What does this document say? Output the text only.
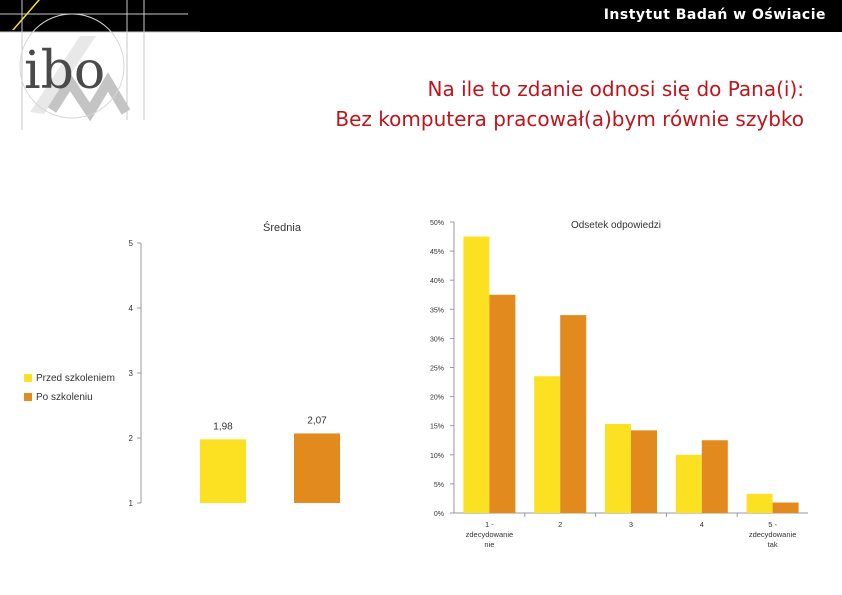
Instytut Badań w Oświacie
ibo	Na ile to zdanie odnosi się do Pana(i):
Bez komputera pracował(a)bym równie szybko
Przed szkoleniem
Po szkoleniu
Średnia
1
2
3
4
5
1,98
2,07
Odsetek odpowiedzi
0%
5%
10%
15%
20%
25%
30%
35%
40%
45%
50%
1 -
zdecydowanie
nie
2	3	4	5 -
zdecydowanie
tak
